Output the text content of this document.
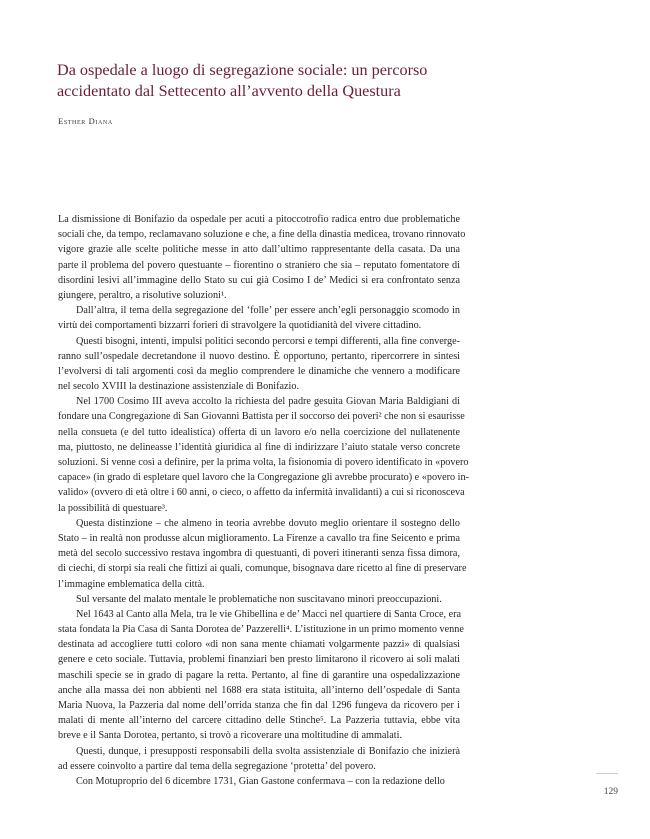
Da ospedale a luogo di segregazione sociale: un percorso
accidentato dal Settecento all’avvento della Questura
Esther Diana
La dismissione di Bonifazio da ospedale per acuti a pitoccotrofio radica entro due problematiche
sociali che, da tempo, reclamavano soluzione e che, a fine della dinastia medicea, trovano rinnovato
vigore grazie alle scelte politiche messe in atto dall’ultimo rappresentante della casata. Da una
parte il problema del povero questuante – fiorentino o straniero che sia – reputato fomentatore di
disordini lesivi all’immagine dello Stato su cui già Cosimo I de’ Medici si era confrontato senza
giungere, peraltro, a risolutive soluzioni¹.
Dall’altra, il tema della segregazione del ‘folle’ per essere anch’egli personaggio scomodo in
virtù dei comportamenti bizzarri forieri di stravolgere la quotidianità del vivere cittadino.
Questi bisogni, intenti, impulsi politici secondo percorsi e tempi differenti, alla fine converge-
ranno sull’ospedale decretandone il nuovo destino. È opportuno, pertanto, ripercorrere in sintesi
l’evolversi di tali argomenti così da meglio comprendere le dinamiche che vennero a modificare
nel secolo XVIII la destinazione assistenziale di Bonifazio.
Nel 1700 Cosimo III aveva accolto la richiesta del padre gesuita Giovan Maria Baldigiani di
fondare una Congregazione di San Giovanni Battista per il soccorso dei poveri² che non si esaurisse
nella consueta (e del tutto idealistica) offerta di un lavoro e/o nella coercizione del nullatenente
ma, piuttosto, ne delineasse l’identità giuridica al fine di indirizzare l’aiuto statale verso concrete
soluzioni. Si venne così a definire, per la prima volta, la fisionomia di povero identificato in «povero
capace» (in grado di espletare quel lavoro che la Congregazione gli avrebbe procurato) e «povero in-
valido» (ovvero di età oltre i 60 anni, o cieco, o affetto da infermità invalidanti) a cui si riconosceva
la possibilità di questuare³.
Questa distinzione – che almeno in teoria avrebbe dovuto meglio orientare il sostegno dello
Stato – in realtà non produsse alcun miglioramento. La Firenze a cavallo tra fine Seicento e prima
metà del secolo successivo restava ingombra di questuanti, di poveri itineranti senza fissa dimora,
di ciechi, di storpi sia reali che fittizi ai quali, comunque, bisognava dare ricetto al fine di preservare
l’immagine emblematica della città.
Sul versante del malato mentale le problematiche non suscitavano minori preoccupazioni.
Nel 1643 al Canto alla Mela, tra le vie Ghibellina e de’ Macci nel quartiere di Santa Croce, era
stata fondata la Pia Casa di Santa Dorotea de’ Pazzerelli⁴. L’istituzione in un primo momento venne
destinata ad accogliere tutti coloro «di non sana mente chiamati volgarmente pazzi» di qualsiasi
genere e ceto sociale. Tuttavia, problemi finanziari ben presto limitarono il ricovero ai soli malati
maschili specie se in grado di pagare la retta. Pertanto, al fine di garantire una ospedalizzazione
anche alla massa dei non abbienti nel 1688 era stata istituita, all’interno dell’ospedale di Santa
Maria Nuova, la Pazzeria dal nome dell’orrida stanza che fin dal 1296 fungeva da ricovero per i
malati di mente all’interno del carcere cittadino delle Stinche⁵. La Pazzeria tuttavia, ebbe vita
breve e il Santa Dorotea, pertanto, si trovò a ricoverare una moltitudine di ammalati.
Questi, dunque, i presupposti responsabili della svolta assistenziale di Bonifazio che inizierà
ad essere coinvolto a partire dal tema della segregazione ‘protetta’ del povero.
Con Motuproprio del 6 dicembre 1731, Gian Gastone confermava – con la redazione dello
129
